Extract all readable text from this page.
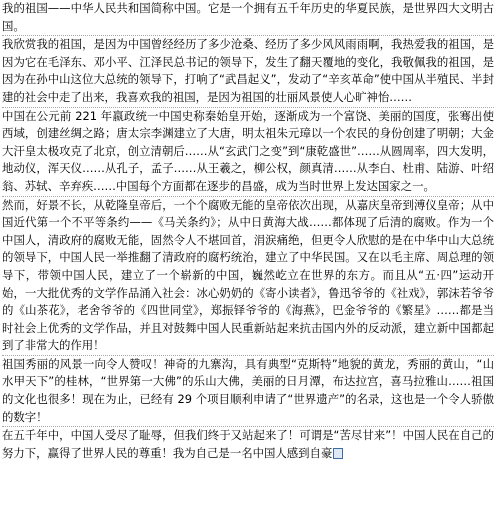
我的祖国——中华人民共和国简称中国。它是一个拥有五千年历史的华夏民族，是世界四大文明古国。

我欣赏我的祖国，是因为中国曾经经历了多少沧桑、经历了多少风风雨雨啊，我热爱我的祖国，是因为它在毛泽东、邓小平、江泽民总书记的领导下，发生了翻天覆地的变化，我敬佩我的祖国，是因为在孙中山这位大总统的领导下，打响了“武昌起义”，发动了“辛亥革命”使中国从半殖民、半封建的社会中走了出来，我喜欢我的祖国，是因为祖国的壮丽风景使人心旷神怡……

中国在公元前 221 年嬴政统一中国史称秦始皇开始，逐渐成为一个富饶、美丽的国度，张骞出使西域，创建丝绸之路；唐太宗李渊建立了大唐，明太祖朱元璋以一个农民的身份创建了明朝；大金大汗皇太极攻克了北京，创立清朝后……从“玄武门之变”到“康乾盛世”……从圆周率，四大发明，地动仪，浑天仪……从孔子，孟子……从王羲之，柳公权，颜真清……从李白、杜甫、陆游、叶绍翁、苏轼、辛弃疾……中国每个方面都在逐步的昌盛，成为当时世界上发达国家之一。

然而，好景不长，从乾隆皇帝后，一个个腐败无能的皇帝依次出现，从嘉庆皇帝到溥仪皇帝；从中国近代第一个不平等条约——《马关条约》；从中日黄海大战……都体现了后清的腐败。作为一个中国人，清政府的腐败无能，固然令人不堪回首，涓涙痛绝，但更令人欣慰的是在中华中山大总统的领导下，中国人民一举推翻了清政府的腐朽统治，建立了中华民国。又在以毛主席、周总理的领导下，带领中国人民，建立了一个崭新的中国，巍然屹立在世界的东方。而且从“五·四”运动开始，一大批优秀的文学作品涌入社会：冰心奶奶的《寄小读者》，鲁迅爷爷的《社戏》，郭沫若爷爷的《山茶花》，老舍爷爷的《四世同堂》，郑振铎爷爷的《海燕》，巴金爷爷的《繁星》……都是当时社会上优秀的文学作品，并且对鼓舞中国人民重新站起来抗击国内外的反动派，建立新中国都起到了非常大的作用！

祖国秀丽的风景一向令人赞叹！神奇的九寨沟，具有典型“克斯特”地貌的黄龙，秀丽的黄山，“山水甲天下”的桂林，“世界第一大佛”的乐山大佛，美丽的日月潭，布达拉宫，喜马拉雅山……祖国的文化也很多！现在为止，已经有 29 个项目顺利申请了“世界遗产”的名录，这也是一个令人骄傲的数字！

在五千年中，中国人受尽了耻辱，但我们终于又站起来了！可谓是“苦尽甘来”！中国人民在自己的努力下，赢得了世界人民的尊重！我为自己是一名中国人感到自豪
